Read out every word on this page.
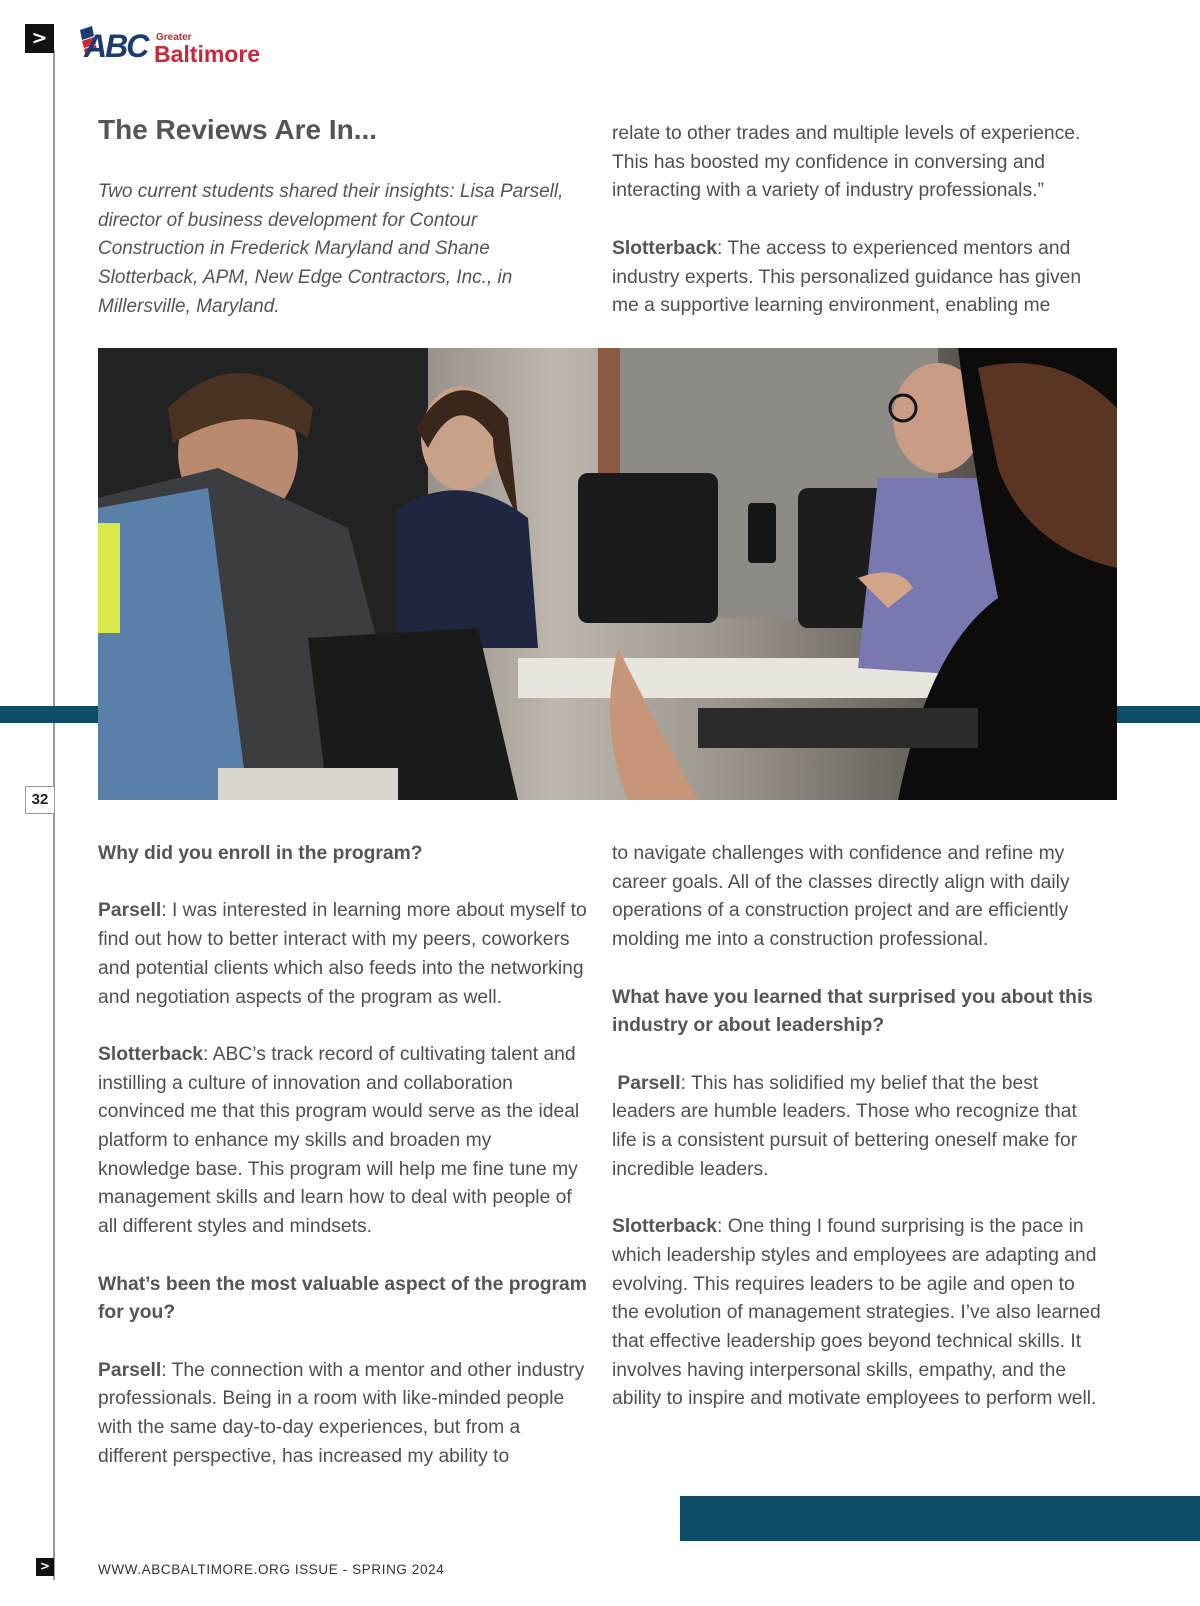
> ABC Greater
Baltimore
The Reviews Are In...

Two current students shared their insights: Lisa Parsell, director of business development for Contour Construction in Frederick Maryland and Shane Slotterback, APM, New Edge Contractors, Inc., in Millersville, Maryland.

relate to other trades and multiple levels of experience. This has boosted my confidence in conversing and interacting with a variety of industry professionals.”

Slotterback: The access to experienced mentors and industry experts. This personalized guidance has given me a supportive learning environment, enabling me

32

Why did you enroll in the program?

Parsell: I was interested in learning more about myself to find out how to better interact with my peers, coworkers and potential clients which also feeds into the networking and negotiation aspects of the program as well.

Slotterback: ABC’s track record of cultivating talent and instilling a culture of innovation and collaboration convinced me that this program would serve as the ideal platform to enhance my skills and broaden my knowledge base. This program will help me fine tune my management skills and learn how to deal with people of all different styles and mindsets.

What’s been the most valuable aspect of the program for you?

Parsell: The connection with a mentor and other industry professionals. Being in a room with like-minded people with the same day-to-day experiences, but from a different perspective, has increased my ability to

to navigate challenges with confidence and refine my career goals. All of the classes directly align with daily operations of a construction project and are efficiently molding me into a construction professional.

What have you learned that surprised you about this industry or about leadership?

Parsell: This has solidified my belief that the best leaders are humble leaders. Those who recognize that life is a consistent pursuit of bettering oneself make for incredible leaders.

Slotterback: One thing I found surprising is the pace in which leadership styles and employees are adapting and evolving. This requires leaders to be agile and open to the evolution of management strategies. I’ve also learned that effective leadership goes beyond technical skills. It involves having interpersonal skills, empathy, and the ability to inspire and motivate employees to perform well.

>	WWW.ABCBALTIMORE.ORG ISSUE - SPRING 2024
